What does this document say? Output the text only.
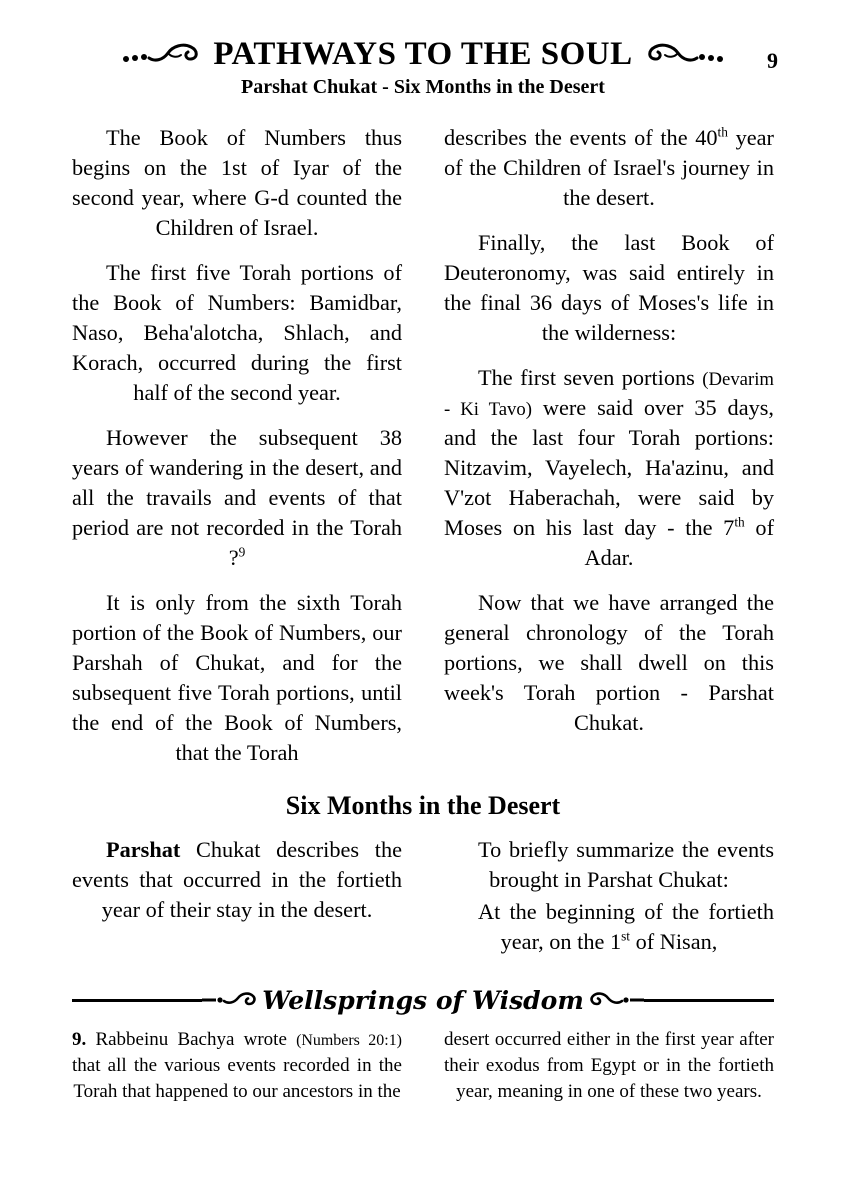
PATHWAYS TO THE SOUL	9
Parshat Chukat - Six Months in the Desert

The Book of Numbers thus begins on the 1st of Iyar of the second year, where G-d counted the Children of Israel.

The first five Torah portions of the Book of Numbers: Bamidbar, Naso, Beha'alotcha, Shlach, and Korach, occurred during the first half of the second year.

However the subsequent 38 years of wandering in the desert, and all the travails and events of that period are not recorded in the Torah ?$^9$

It is only from the sixth Torah portion of the Book of Numbers, our Parshah of Chukat, and for the subsequent five Torah portions, until the end of the Book of Numbers, that the Torah

describes the events of the 40th year of the Children of Israel's journey in the desert.

Finally, the last Book of Deuteronomy, was said entirely in the final 36 days of Moses's life in the wilderness:

The first seven portions (Devarim - Ki Tavo) were said over 35 days, and the last four Torah portions: Nitzavim, Vayelech, Ha'azinu, and V'zot Haberachah, were said by Moses on his last day - the 7th of Adar.

Now that we have arranged the general chronology of the Torah portions, we shall dwell on this week's Torah portion - Parshat Chukat.

Six Months in the Desert

Parshat Chukat describes the events that occurred in the fortieth year of their stay in the desert.

To briefly summarize the events brought in Parshat Chukat:

At the beginning of the fortieth year, on the 1st of Nisan,

Wellsprings of Wisdom

9. Rabbeinu Bachya wrote (Numbers 20:1) that all the various events recorded in the Torah that happened to our ancestors in the

desert occurred either in the first year after their exodus from Egypt or in the fortieth year, meaning in one of these two years.
